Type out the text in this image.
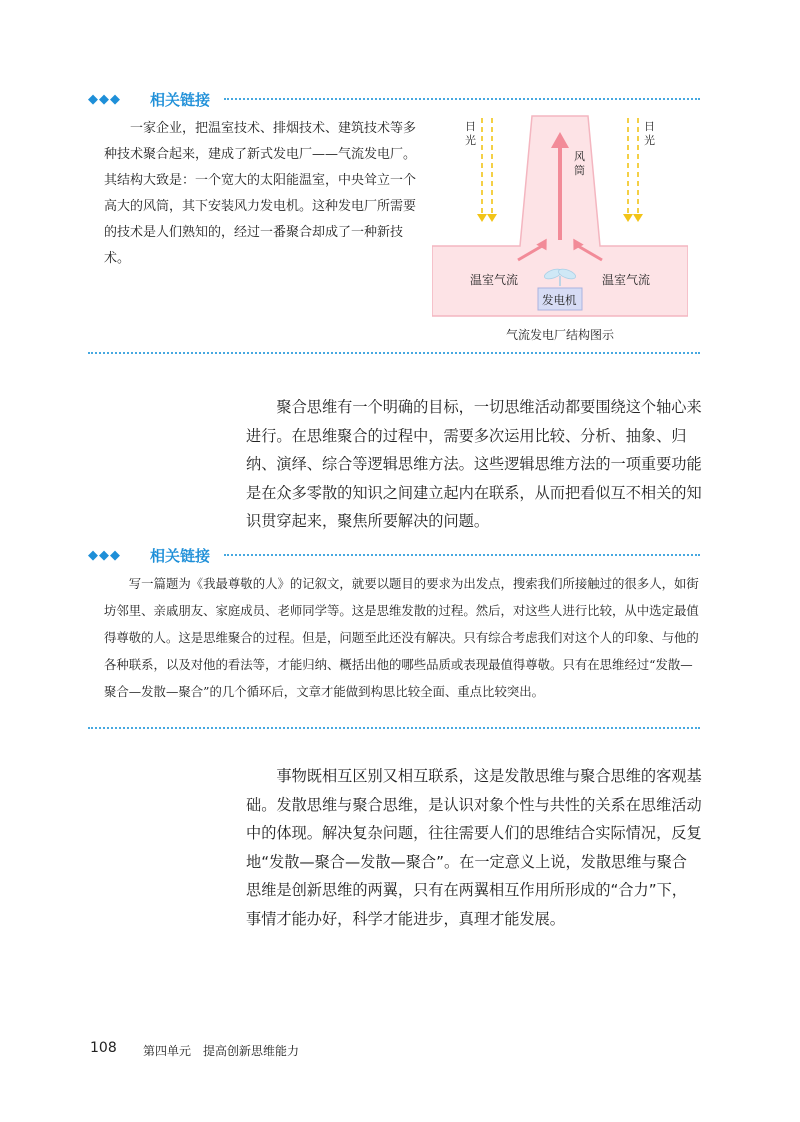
◆◆◆ 相关链接

一家企业，把温室技术、排烟技术、建筑技术等多种技术聚合起来，建成了新式发电厂——气流发电厂。其结构大致是：一个宽大的太阳能温室，中央耸立一个高大的风筒，其下安装风力发电机。这种发电厂所需要的技术是人们熟知的，经过一番聚合却成了一种新技术。

日
光
日
光
风
筒
温室气流	温室气流
发电机
气流发电厂结构图示

聚合思维有一个明确的目标，一切思维活动都要围绕这个轴心来进行。在思维聚合的过程中，需要多次运用比较、分析、抽象、归纳、演绎、综合等逻辑思维方法。这些逻辑思维方法的一项重要功能是在众多零散的知识之间建立起内在联系，从而把看似互不相关的知识贯穿起来，聚焦所要解决的问题。

◆◆◆ 相关链接

写一篇题为《我最尊敬的人》的记叙文，就要以题目的要求为出发点，搜索我们所接触过的很多人，如街坊邻里、亲戚朋友、家庭成员、老师同学等。这是思维发散的过程。然后，对这些人进行比较，从中选定最值得尊敬的人。这是思维聚合的过程。但是，问题至此还没有解决。只有综合考虑我们对这个人的印象、与他的各种联系，以及对他的看法等，才能归纳、概括出他的哪些品质或表现最值得尊敬。只有在思维经过“发散—聚合—发散—聚合”的几个循环后，文章才能做到构思比较全面、重点比较突出。

事物既相互区别又相互联系，这是发散思维与聚合思维的客观基础。发散思维与聚合思维，是认识对象个性与共性的关系在思维活动中的体现。解决复杂问题，往往需要人们的思维结合实际情况，反复地“发散—聚合—发散—聚合”。在一定意义上说，发散思维与聚合思维是创新思维的两翼，只有在两翼相互作用所形成的“合力”下，事情才能办好，科学才能进步，真理才能发展。

108 第四单元 提高创新思维能力
